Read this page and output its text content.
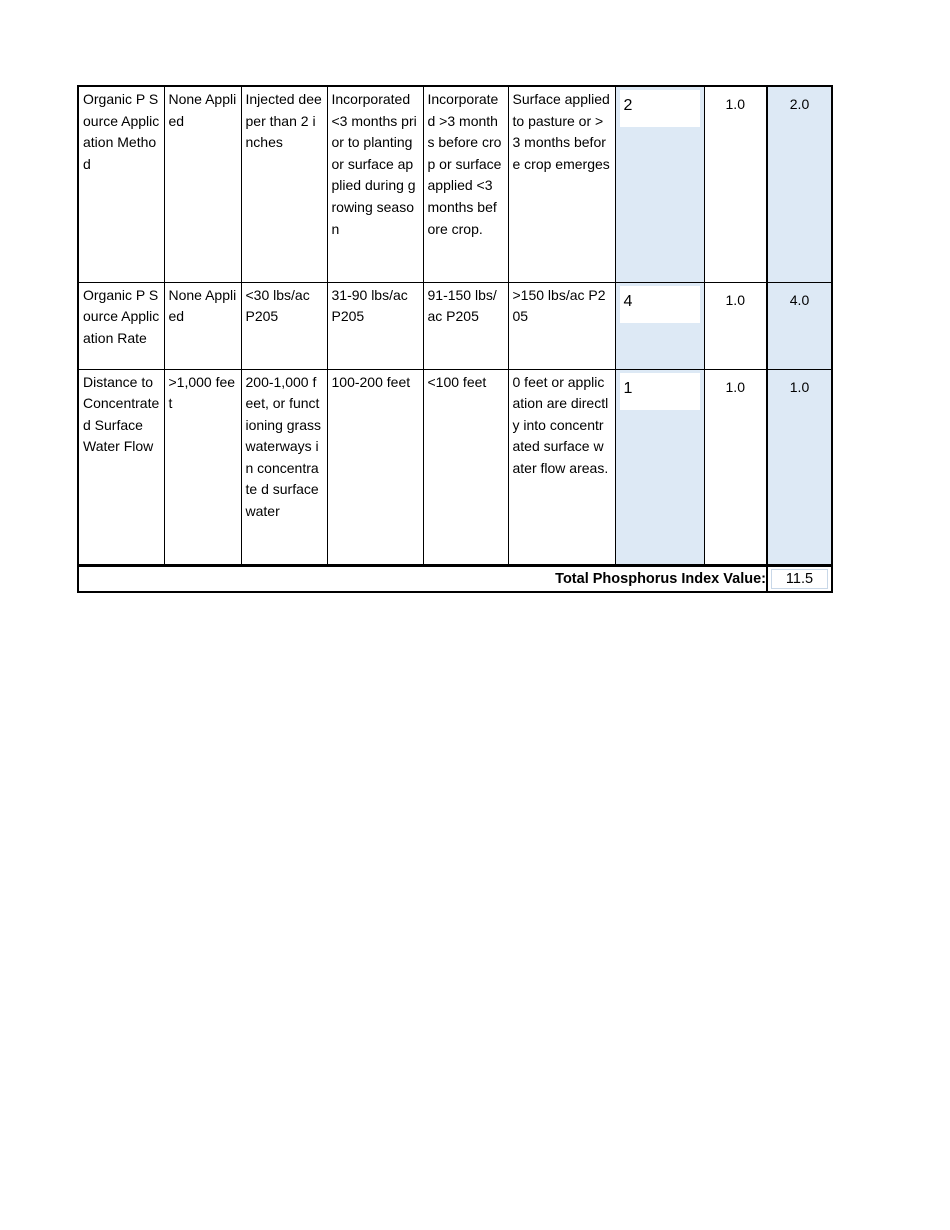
Organic P Source Application Method	None Applied	Injected deeper than 2 inches	Incorporated <3 months prior to planting or surface applied during growing season	Incorporate d >3 months before crop or surface applied <3 months before crop.	Surface applied to pasture or >3 months before crop emerges	2	1.0	2.0
Organic P Source Application Rate	None Applied	<30 lbs/ac P205	31-90 lbs/ac P205	91-150 lbs/ac P205	>150 lbs/ac P205	4	1.0	4.0
Distance to Concentrate d Surface Water Flow	>1,000 feet	200-1,000 feet, or functioning grass waterways in concentrate d surface water	100-200 feet	<100 feet	0 feet or application are directly into concentrated surface water flow areas.	1	1.0	1.0
Total Phosphorus Index Value:								11.5
